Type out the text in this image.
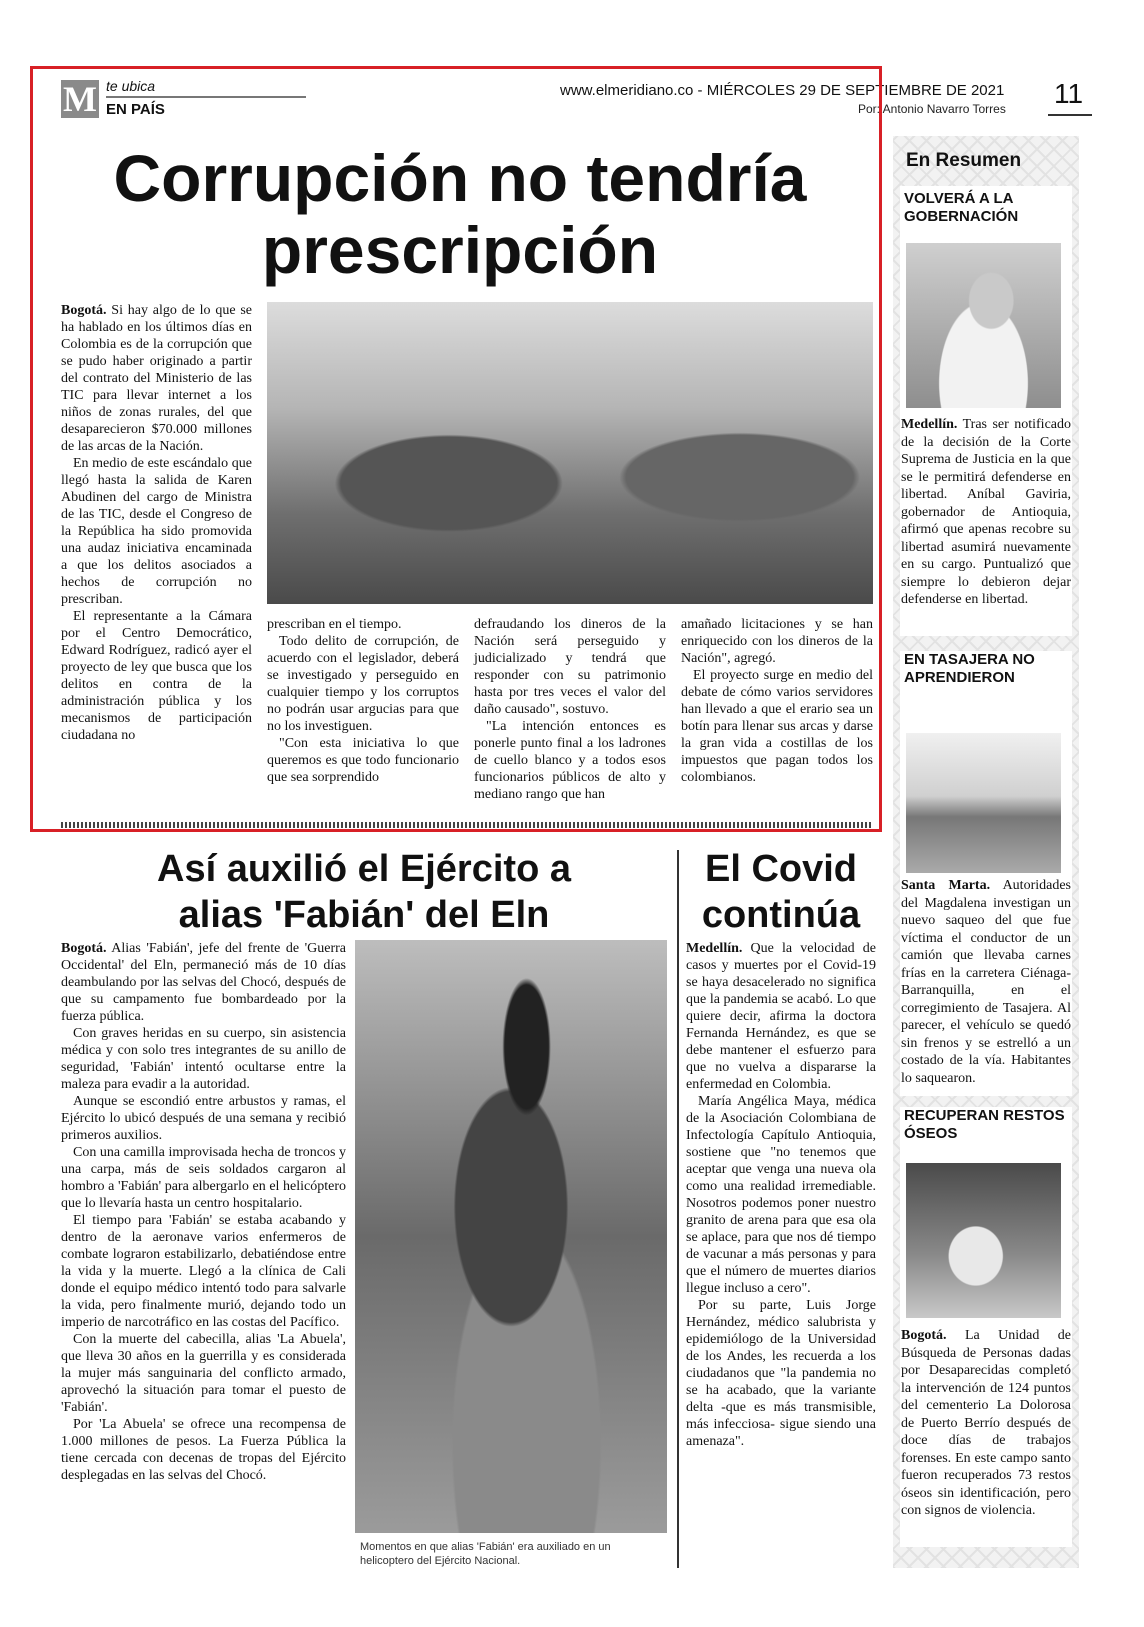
M te ubica
EN PAÍS
www.elmeridiano.co - MIÉRCOLES 29 DE SEPTIEMBRE DE 2021
Por: Antonio Navarro Torres 11
Corrupción no tendría
prescripción

Bogotá. Si hay algo de lo que se ha hablado en los últimos días en Colombia es de la corrupción que se pudo haber originado a partir del contrato del Ministerio de las TIC para llevar internet a los niños de zonas rurales, del que desaparecieron $70.000 millones de las arcas de la Nación.

En medio de este escándalo que llegó hasta la salida de Karen Abudinen del cargo de Ministra de las TIC, desde el Congreso de la República ha sido promovida una audaz iniciativa encaminada a que los delitos asociados a hechos de corrupción no prescriban.

El representante a la Cámara por el Centro Democrático, Edward Rodríguez, radicó ayer el proyecto de ley que busca que los delitos en contra de la administración pública y los mecanismos de participación ciudadana no

prescriban en el tiempo.

Todo delito de corrupción, de acuerdo con el legislador, deberá se investigado y perseguido en cualquier tiempo y los corruptos no podrán usar argucias para que no los investiguen.

"Con esta iniciativa lo que queremos es que todo funcionario que sea sorprendido

defraudando los dineros de la Nación será perseguido y judicializado y tendrá que responder con su patrimonio hasta por tres veces el valor del daño causado", sostuvo.

"La intención entonces es ponerle punto final a los ladrones de cuello blanco y a todos esos funcionarios públicos de alto y mediano rango que han

amañado licitaciones y se han enriquecido con los dineros de la Nación", agregó.

El proyecto surge en medio del debate de cómo varios servidores han llevado a que el erario sea un botín para llenar sus arcas y darse la gran vida a costillas de los impuestos que pagan todos los colombianos.

Así auxilió el Ejército a
alias 'Fabián' del Eln

Bogotá. Alias 'Fabián', jefe del frente de 'Guerra Occidental' del Eln, permaneció más de 10 días deambulando por las selvas del Chocó, después de que su campamento fue bombardeado por la fuerza pública.

Con graves heridas en su cuerpo, sin asistencia médica y con solo tres integrantes de su anillo de seguridad, 'Fabián' intentó ocultarse entre la maleza para evadir a la autoridad.

Aunque se escondió entre arbustos y ramas, el Ejército lo ubicó después de una semana y recibió primeros auxilios.

Con una camilla improvisada hecha de troncos y una carpa, más de seis soldados cargaron al hombro a 'Fabián' para albergarlo en el helicóptero que lo llevaría hasta un centro hospitalario.

El tiempo para 'Fabián' se estaba acabando y dentro de la aeronave varios enfermeros de combate lograron estabilizarlo, debatiéndose entre la vida y la muerte. Llegó a la clínica de Cali donde el equipo médico intentó todo para salvarle la vida, pero finalmente murió, dejando todo un imperio de narcotráfico en las costas del Pacífico.

Con la muerte del cabecilla, alias 'La Abuela', que lleva 30 años en la guerrilla y es considerada la mujer más sanguinaria del conflicto armado, aprovechó la situación para tomar el puesto de 'Fabián'.

Por 'La Abuela' se ofrece una recompensa de 1.000 millones de pesos. La Fuerza Pública la tiene cercada con decenas de tropas del Ejército desplegadas en las selvas del Chocó.

Momentos en que alias 'Fabián' era auxiliado en un helicoptero del Ejército Nacional.
El Covid
continúa

Medellín. Que la velocidad de casos y muertes por el Covid-19 se haya desacelerado no significa que la pandemia se acabó. Lo que quiere decir, afirma la doctora Fernanda Hernández, es que se debe mantener el esfuerzo para que no vuelva a dispararse la enfermedad en Colombia.

María Angélica Maya, médica de la Asociación Colombiana de Infectología Capítulo Antioquia, sostiene que "no tenemos que aceptar que venga una nueva ola como una realidad irremediable. Nosotros podemos poner nuestro granito de arena para que esa ola se aplace, para que nos dé tiempo de vacunar a más personas y para que el número de muertes diarios llegue incluso a cero".

Por su parte, Luis Jorge Hernández, médico salubrista y epidemiólogo de la Universidad de los Andes, les recuerda a los ciudadanos que "la pandemia no se ha acabado, que la variante delta -que es más transmisible, más infecciosa- sigue siendo una amenaza".

En Resumen
VOLVERÁ A LA GOBERNACIÓN
Medellín. Tras ser notificado de la decisión de la Corte Suprema de Justicia en la que se le permitirá defenderse en libertad. Aníbal Gaviria, gobernador de Antioquia, afirmó que apenas recobre su libertad asumirá nuevamente en su cargo. Puntualizó que siempre lo debieron dejar defenderse en libertad.
EN TASAJERA NO APRENDIERON
Santa Marta. Autoridades del Magdalena investigan un nuevo saqueo del que fue víctima el conductor de un camión que llevaba carnes frías en la carretera Ciénaga-Barranquilla, en el corregimiento de Tasajera. Al parecer, el vehículo se quedó sin frenos y se estrelló a un costado de la vía. Habitantes lo saquearon.
RECUPERAN RESTOS ÓSEOS
Bogotá. La Unidad de Búsqueda de Personas dadas por Desaparecidas completó la intervención de 124 puntos del cementerio La Dolorosa de Puerto Berrío después de doce días de trabajos forenses. En este campo santo fueron recuperados 73 restos óseos sin identificación, pero con signos de violencia.
